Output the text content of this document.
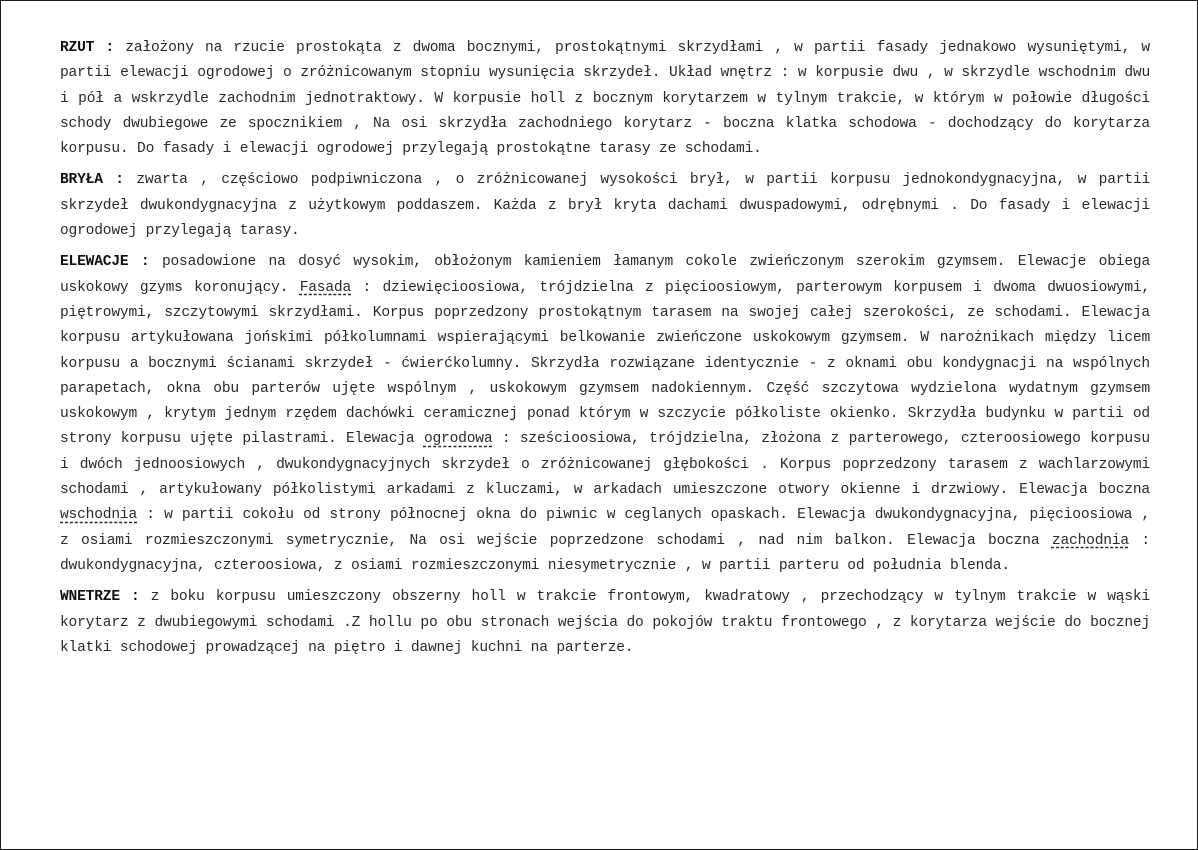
RZUT : założony na rzucie prostokąta z dwoma bocznymi, prostokątnymi skrzydłami , w partii fasady jednakowo wysuniętymi, w partii elewacji ogrodowej o zróżnicowanym stopniu wysunięcia skrzydeł. Układ wnętrz : w korpusie dwu , w skrzydle wschodnim dwu i pół a wskrzydle zachodnim jednotraktowy. W korpusie holl z bocznym korytarzem w tylnym trakcie, w którym w połowie długości schody dwubiegowe ze spocznikiem , Na osi skrzydła zachodniego korytarz - boczna klatka schodowa - dochodzący do korytarza korpusu. Do fasady i elewacji ogrodowej przylegają prostokątne tarasy ze schodami.

BRYŁA : zwarta , częściowo podpiwniczona , o zróżnicowanej wysokości brył, w partii korpusu jednokondygnacyjna, w partii skrzydeł dwukondygnacyjna z użytkowym poddaszem. Każda z brył kryta dachami dwuspadowymi, odrębnymi . Do fasady i elewacji ogrodowej przylegają tarasy.

ELEWACJE : posadowione na dosyć wysokim, obłożonym kamieniem łamanym cokole zwieńczonym szerokim gzymsem. Elewacje obiega uskokowy gzyms koronujący. Fasada : dziewięcioosiowa, trójdzielna z pięcioosiowym, parterowym korpusem i dwoma dwuosiowymi, piętrowymi, szczytowymi skrzydłami. Korpus poprzedzony prostokątnym tarasem na swojej całej szerokości, ze schodami. Elewacja korpusu artykułowana jońskimi półkolumnami wspierającymi belkowanie zwieńczone uskokowym gzymsem. W narożnikach między licem korpusu a bocznymi ścianami skrzydeł - ćwierćkolumny. Skrzydła rozwiązane identycznie - z oknami obu kondygnacji na wspólnych parapetach, okna obu parterów ujęte wspólnym , uskokowym gzymsem nadokiennym. Część szczytowa wydzielona wydatnym gzymsem uskokowym , krytym jednym rzędem dachówki ceramicznej ponad którym w szczycie półkoliste okienko. Skrzydła budynku w partii od strony korpusu ujęte pilastrami. Elewacja ogrodowa : sześcioosiowa, trójdzielna, złożona z parterowego, czteroosiowego korpusu i dwóch jednoosiowych , dwukondygnacyjnych skrzydeł o zróżnicowanej głębokości . Korpus poprzedzony tarasem z wachlarzowymi schodami , artykułowany półkolistymi arkadami z kluczami, w arkadach umieszczone otwory okienne i drzwiowy. Elewacja boczna wschodnia : w partii cokołu od strony północnej okna do piwnic w ceglanych opaskach. Elewacja dwukondygnacyjna, pięcioosiowa , z osiami rozmieszczonymi symetrycznie, Na osi wejście poprzedzone schodami , nad nim balkon. Elewacja boczna zachodnia : dwukondygnacyjna, czteroosiowa, z osiami rozmieszczonymi niesymetrycznie , w partii parteru od południa blenda.

WNETRZE : z boku korpusu umieszczony obszerny holl w trakcie frontowym, kwadratowy , przechodzący w tylnym trakcie w wąski korytarz z dwubiegowymi schodami .Z hollu po obu stronach wejścia do pokojów traktu frontowego , z korytarza wejście do bocznej klatki schodowej prowadzącej na piętro i dawnej kuchni na parterze.
